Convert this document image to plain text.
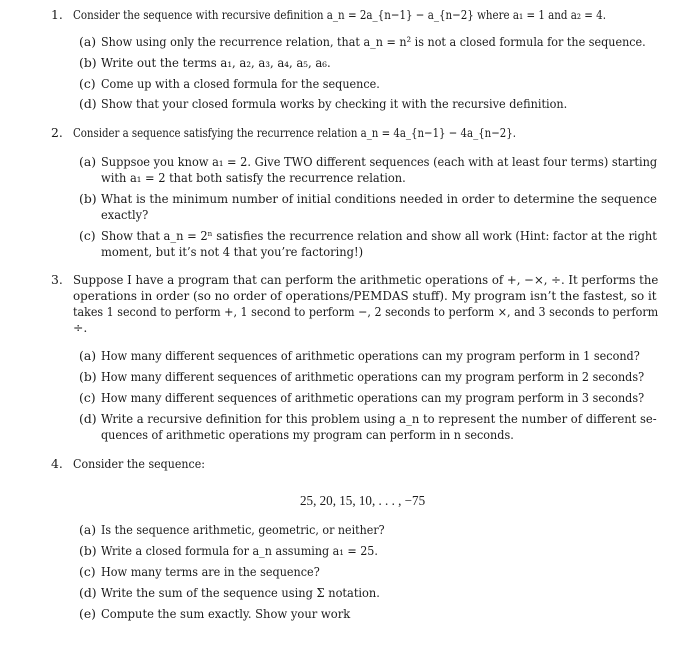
1. Consider the sequence with recursive definition a_n = 2a_{n−1} − a_{n−2} where a₁ = 1 and a₂ = 4.
(a) Show using only the recurrence relation, that a_n = n² is not a closed formula for the sequence.
(b) Write out the terms a₁, a₂, a₃, a₄, a₅, a₆.
(c) Come up with a closed formula for the sequence.
(d) Show that your closed formula works by checking it with the recursive definition.
2. Consider a sequence satisfying the recurrence relation a_n = 4a_{n−1} − 4a_{n−2}.
(a) Suppsoe you know a₁ = 2. Give TWO different sequences (each with at least four terms) starting
with a₁ = 2 that both satisfy the recurrence relation.
(b) What is the minimum number of initial conditions needed in order to determine the sequence
exactly?
(c) Show that a_n = 2ⁿ satisfies the recurrence relation and show all work (Hint: factor at the right
moment, but it’s not 4 that you’re factoring!)
3. Suppose I have a program that can perform the arithmetic operations of +, −×, ÷. It performs the
operations in order (so no order of operations/PEMDAS stuff). My program isn’t the fastest, so it
takes 1 second to perform +, 1 second to perform −, 2 seconds to perform ×, and 3 seconds to perform
÷.
(a) How many different sequences of arithmetic operations can my program perform in 1 second?
(b) How many different sequences of arithmetic operations can my program perform in 2 seconds?
(c) How many different sequences of arithmetic operations can my program perform in 3 seconds?
(d) Write a recursive definition for this problem using a_n to represent the number of different se-
quences of arithmetic operations my program can perform in n seconds.
4. Consider the sequence:
25, 20, 15, 10, . . . , −75
(a) Is the sequence arithmetic, geometric, or neither?
(b) Write a closed formula for a_n assuming a₁ = 25.
(c) How many terms are in the sequence?
(d) Write the sum of the sequence using Σ notation.
(e) Compute the sum exactly. Show your work
